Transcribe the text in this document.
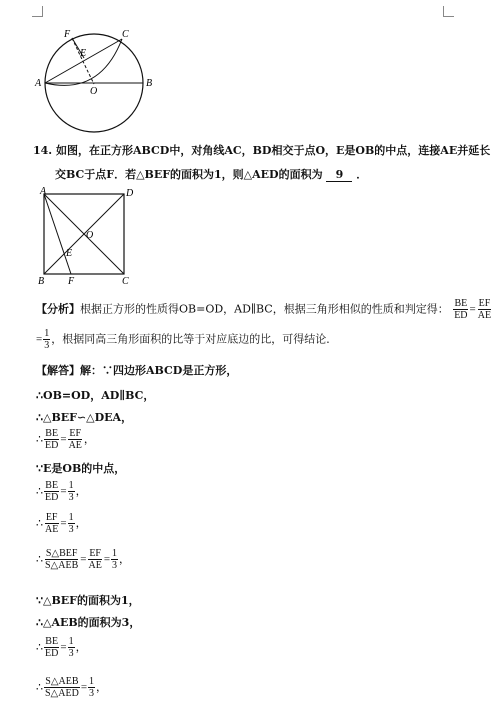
F	C
E
A
O
B
14. 如图，在正方形ABCD中，对角线AC，BD相交于点O，E是OB的中点，连接AE并延长
交BC于点F．若△BEF的面积为1，则△AED的面积为 9 ．
A	D
O
E
B F	C
【分析】根据正方形的性质得OB=OD，AD∥BC，根据三角形相似的性质和判定得： $\frac{BE}{ED} = \frac{EF}{AE}$
= $\frac{1}{3}$ ，根据同高三角形面积的比等于对应底边的比，可得结论．
【解答】解：∵四边形ABCD是正方形，
∴OB=OD，AD∥BC，
∴△BEF∽△DEA，
∴ $\frac{BE}{ED} = \frac{EF}{AE}$ ，
∵E是OB的中点，
∴ $\frac{BE}{ED} = \frac{1}{3}$ ，
∴ $\frac{EF}{AE} = \frac{1}{3}$ ，
∴ $\frac{\text{S△BEF}}{\text{S△AEB}} = \frac{EF}{AE} = \frac{1}{3}$ ，
∵△BEF的面积为1，
∴△AEB的面积为3，
∴ $\frac{BE}{ED} = \frac{1}{3}$ ，
∴ $\frac{\text{S△AEB}}{\text{S△AED}} = \frac{1}{3}$ ，
